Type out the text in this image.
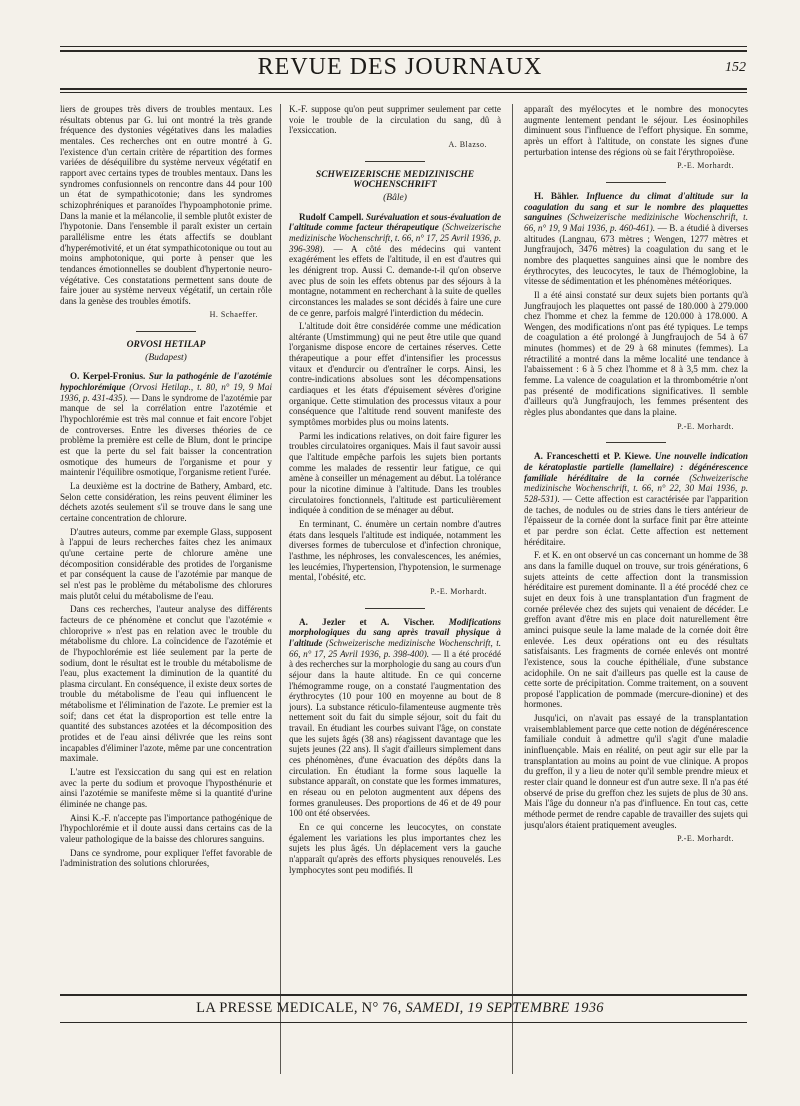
REVUE DES JOURNAUX	152

liers de groupes très divers de troubles mentaux. Les résultats obtenus par G. lui ont montré la très grande fréquence des dystonies végétatives dans les maladies mentales. Ces recherches ont en outre montré à G. l'existence d'un certain critère de répartition des formes variées de déséquilibre du système nerveux végétatif en rapport avec certains types de troubles mentaux. Dans les syndromes confusionnels on rencontre dans 44 pour 100 un état de sympathicotonie; dans les syndromes schizophréniques et paranoïdes l'hypoamphotonie prime. Dans la manie et la mélancolie, il semble plutôt exister de l'hypotonie. Dans l'ensemble il paraît exister un certain parallélisme entre les états affectifs se doublant d'hyperémotivité, et un état sympathicotonique ou tout au moins amphotonique, qui porte à penser que les tendances émotionnelles se doublent d'hypertonie neuro-végétative. Ces constatations permettent sans doute de faire jouer au système nerveux végétatif, un certain rôle dans la genèse des troubles émotifs.

H. Schaeffer.
ORVOSI HETILAP
(Budapest)

O. Kerpel-Fronius. Sur la pathogénie de l'azotémie hypochlorémique (Orvosi Hetilap., t. 80, n° 19, 9 Mai 1936, p. 431-435). — Dans le syndrome de l'azotémie par manque de sel la corrélation entre l'azotémie et l'hypochlorémie est très mal connue et fait encore l'objet de controverses. Entre les diverses théories de ce problème la première est celle de Blum, dont le principe est que la perte du sel fait baisser la concentration osmotique des humeurs de l'organisme et pour y maintenir l'équilibre osmotique, l'organisme retient l'urée.

La deuxième est la doctrine de Bathery, Ambard, etc. Selon cette considération, les reins peuvent éliminer les déchets azotés seulement s'il se trouve dans le sang une certaine concentration de chlorure.

D'autres auteurs, comme par exemple Glass, supposent à l'appui de leurs recherches faites chez les animaux qu'une certaine perte de chlorure amène une décomposition considérable des protides de l'organisme et par conséquent la cause de l'azotémie par manque de sel n'est pas le problème du métabolisme des chlorures mais plutôt celui du métabolisme de l'eau.

Dans ces recherches, l'auteur analyse des différents facteurs de ce phénomène et conclut que l'azotémie « chloroprive » n'est pas en relation avec le trouble du métabolisme du chlore. La coïncidence de l'azotémie et de l'hypochlorémie est liée seulement par la perte de sodium, dont le résultat est le trouble du métabolisme de l'eau, plus exactement la diminution de la quantité du plasma circulant. En conséquence, il existe deux sortes de trouble du métabolisme de l'eau qui influencent le métabolisme et l'élimination de l'azote. Le premier est la soif; dans cet état la disproportion est telle entre la quantité des substances azotées et la décomposition des protides et de l'eau ainsi délivrée que les reins sont incapables d'éliminer l'azote, même par une concentration maximale.

L'autre est l'exsiccation du sang qui est en relation avec la perte du sodium et provoque l'hyposthénurie et ainsi l'azotémie se manifeste même si la quantité d'urine éliminée ne change pas.

Ainsi K.-F. n'accepte pas l'importance pathogénique de l'hypochlorémie et il doute aussi dans certains cas de la valeur pathologique de la baisse des chlorures sanguins.

Dans ce syndrome, pour expliquer l'effet favorable de l'administration des solutions chlorurées,

K.-F. suppose qu'on peut supprimer seulement par cette voie le trouble de la circulation du sang, dû à l'exsiccation.

A. Blazso.
SCHWEIZERISCHE MEDIZINISCHE WOCHENSCHRIFT
(Bâle)

Rudolf Campell. Surévaluation et sous-évaluation de l'altitude comme facteur thérapeutique (Schweizerische medizinische Wochenschrift, t. 66, n° 17, 25 Avril 1936, p. 396-398). — A côté des médecins qui vantent exagérément les effets de l'altitude, il en est d'autres qui les dénigrent trop. Aussi C. demande-t-il qu'on observe avec plus de soin les effets obtenus par des séjours à la montagne, notamment en recherchant à la suite de quelles circonstances les malades se sont décidés à faire une cure de ce genre, parfois malgré l'interdiction du médecin.

L'altitude doit être considérée comme une médication altérante (Umstimmung) qui ne peut être utile que quand l'organisme dispose encore de certaines réserves. Cette thérapeutique a pour effet d'intensifier les processus vitaux et d'endurcir ou d'entraîner le corps. Ainsi, les contre-indications absolues sont les décompensations cardiaques et les états d'épuisement sévères d'origine organique. Cette stimulation des processus vitaux a pour conséquence que l'altitude rend souvent manifeste des symptômes morbides plus ou moins latents.

Parmi les indications relatives, on doit faire figurer les troubles circulatoires organiques. Mais il faut savoir aussi que l'altitude empêche parfois les sujets bien portants comme les malades de ressentir leur fatigue, ce qui amène à conseiller un ménagement au début. La tolérance pour la nicotine diminue à l'altitude. Dans les troubles circulatoires fonctionnels, l'altitude est particulièrement indiquée à condition de se ménager au début.

En terminant, C. énumère un certain nombre d'autres états dans lesquels l'altitude est indiquée, notamment les diverses formes de tuberculose et d'infection chronique, l'asthme, les néphroses, les convalescences, les anémies, les leucémies, l'hypertension, l'hypotension, le surmenage mental, l'obésité, etc.

P.-E. Morhardt.

A. Jezler et A. Vischer. Modifications morphologiques du sang après travail physique à l'altitude (Schweizerische medizinische Wochenschrift, t. 66, n° 17, 25 Avril 1936, p. 398-400). — Il a été procédé à des recherches sur la morphologie du sang au cours d'un séjour dans la haute altitude. En ce qui concerne l'hémogramme rouge, on a constaté l'augmentation des érythrocytes (10 pour 100 en moyenne au bout de 8 jours). La substance réticulo-filamenteuse augmente très nettement soit du fait du simple séjour, soit du fait du travail. En étudiant les courbes suivant l'âge, on constate que les sujets âgés (38 ans) réagissent davantage que les sujets jeunes (22 ans). Il s'agit d'ailleurs simplement dans ces phénomènes, d'une évacuation des dépôts dans la circulation. En étudiant la forme sous laquelle la substance apparaît, on constate que les formes immatures, en réseau ou en peloton augmentent aux dépens des formes granuleuses. Des proportions de 46 et de 49 pour 100 ont été observées.

En ce qui concerne les leucocytes, on constate également les variations les plus importantes chez les sujets les plus âgés. Un déplacement vers la gauche n'apparaît qu'après des efforts physiques renouvelés. Les lymphocytes sont peu modifiés. Il

apparaît des myélocytes et le nombre des monocytes augmente lentement pendant le séjour. Les éosinophiles diminuent sous l'influence de l'effort physique. En somme, après un effort à l'altitude, on constate les signes d'une perturbation intense des régions où se fait l'érythropoïèse.

P.-E. Morhardt.

H. Bähler. Influence du climat d'altitude sur la coagulation du sang et sur le nombre des plaquettes sanguines (Schweizerische medizinische Wochenschrift, t. 66, n° 19, 9 Mai 1936, p. 460-461). — B. a étudié à diverses altitudes (Langnau, 673 mètres ; Wengen, 1277 mètres et Jungfraujoch, 3476 mètres) la coagulation du sang et le nombre des plaquettes sanguines ainsi que le nombre des érythrocytes, des leucocytes, le taux de l'hémoglobine, la vitesse de sédimentation et les phénomènes météoriques.

Il a été ainsi constaté sur deux sujets bien portants qu'à Jungfraujoch les plaquettes ont passé de 180.000 à 279.000 chez l'homme et chez la femme de 120.000 à 178.000. A Wengen, des modifications n'ont pas été typiques. Le temps de coagulation a été prolongé à Jungfraujoch de 54 à 67 minutes (hommes) et de 29 à 68 minutes (femmes). La rétractilité a montré dans la même localité une tendance à l'abaissement : 6 à 5 chez l'homme et 8 à 3,5 mm. chez la femme. La valence de coagulation et la thrombométrie n'ont pas présenté de modifications significatives. Il semble d'ailleurs qu'à Jungfraujoch, les femmes présentent des règles plus abondantes que dans la plaine.

P.-E. Morhardt.

A. Franceschetti et P. Kiewe. Une nouvelle indication de kératoplastie partielle (lamellaire) : dégénérescence familiale héréditaire de la cornée (Schweizerische medizinische Wochenschrift, t. 66, n° 22, 30 Mai 1936, p. 528-531). — Cette affection est caractérisée par l'apparition de taches, de nodules ou de stries dans le tiers antérieur de l'épaisseur de la cornée dont la surface finit par être atteinte et par perdre son éclat. Cette affection est nettement héréditaire.

F. et K. en ont observé un cas concernant un homme de 38 ans dans la famille duquel on trouve, sur trois générations, 6 sujets atteints de cette affection dont la transmission héréditaire est purement dominante. Il a été procédé chez ce sujet en deux fois à une transplantation d'un fragment de cornée prélevée chez des sujets qui venaient de décéder. Le greffon avant d'être mis en place doit naturellement être aminci puisque seule la lame malade de la cornée doit être enlevée. Les deux opérations ont eu des résultats satisfaisants. Les fragments de cornée enlevés ont montré l'existence, sous la couche épithéliale, d'une substance acidophile. On ne sait d'ailleurs pas quelle est la cause de cette sorte de précipitation. Comme traitement, on a souvent proposé l'application de pommade (mercure-dionine) et des hormones.

Jusqu'ici, on n'avait pas essayé de la transplantation vraisemblablement parce que cette notion de dégénérescence familiale conduit à admettre qu'il s'agit d'une maladie ininfluençable. Mais en réalité, on peut agir sur elle par la transplantation au moins au point de vue clinique. A propos du greffon, il y a lieu de noter qu'il semble prendre mieux et rester clair quand le donneur est d'un autre sexe. Il n'a pas été observé de prise du greffon chez les sujets de plus de 30 ans. Mais l'âge du donneur n'a pas d'influence. En tout cas, cette méthode permet de rendre capable de travailler des sujets qui jusqu'alors étaient pratiquement aveugles.

P.-E. Morhardt.
LA PRESSE MEDICALE, N° 76, SAMEDI, 19 SEPTEMBRE 1936
